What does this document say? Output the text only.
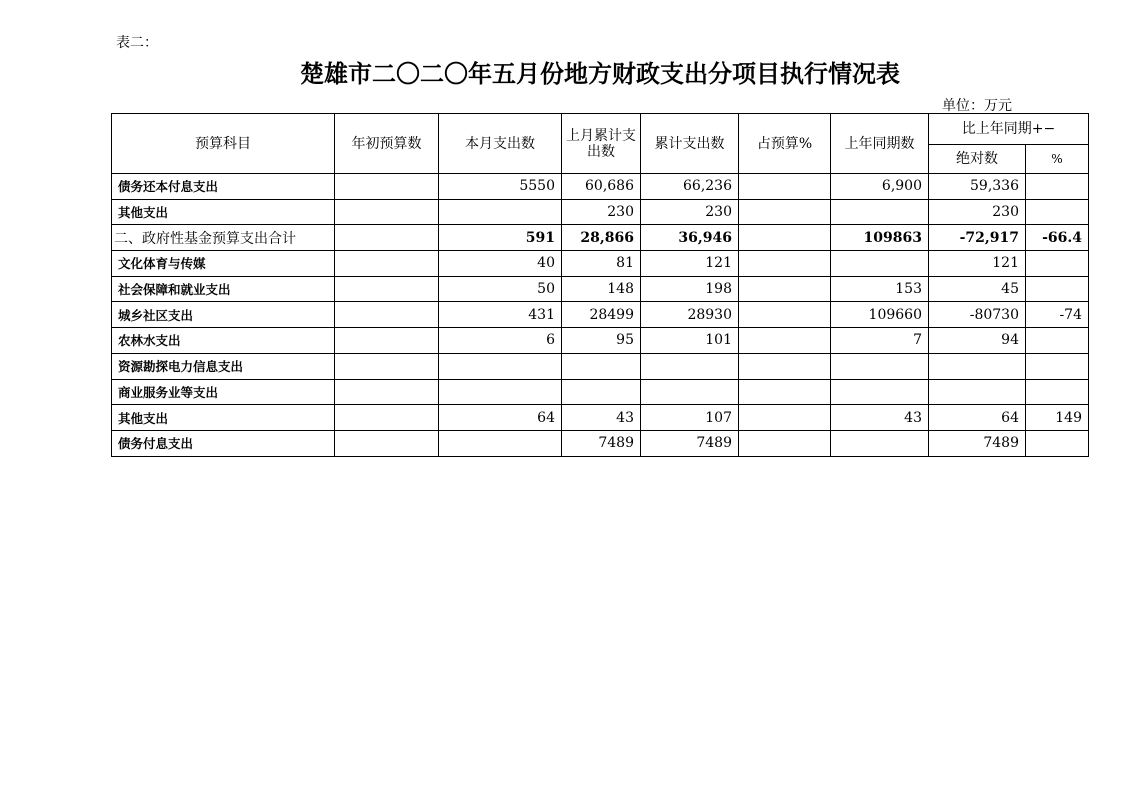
表二：
楚雄市二〇二〇年五月份地方财政支出分项目执行情况表
单位：万元
预算科目	年初预算数	本月支出数	上月累计支出数	累计支出数	占预算%	上年同期数	比上年同期+−	
							绝对数	%
债务还本付息支出		5550	60,686	66,236		6,900	59,336	
其他支出			230	230			230	
二、政府性基金预算支出合计		591	28,866	36,946		109863	-72,917	-66.4
文化体育与传媒		40	81	121			121	
社会保障和就业支出		50	148	198		153	45	
城乡社区支出		431	28499	28930		109660	-80730	-74
农林水支出		6	95	101		7	94	
资源勘探电力信息支出								
商业服务业等支出								
其他支出		64	43	107		43	64	149
债务付息支出			7489	7489			7489	
